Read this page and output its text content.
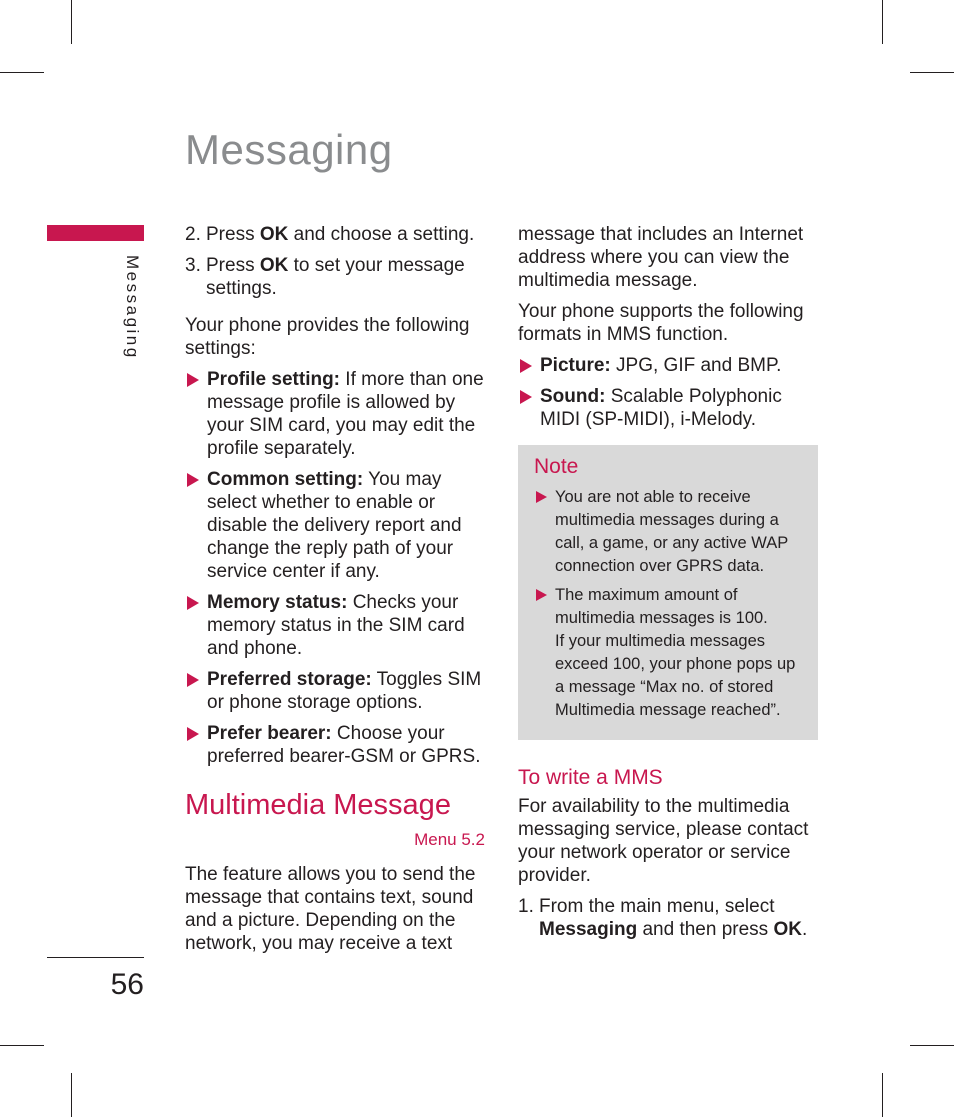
Messaging
Messaging
56
2. Press OK and choose a setting.
3. Press OK to set your message settings.

Your phone provides the following settings:

Profile setting: If more than one message profile is allowed by your SIM card, you may edit the profile separately.
Common setting: You may select whether to enable or disable the delivery report and change the reply path of your service center if any.
Memory status: Checks your memory status in the SIM card and phone.
Preferred storage: Toggles SIM or phone storage options.
Prefer bearer: Choose your preferred bearer-GSM or GPRS.
Multimedia Message
Menu 5.2

The feature allows you to send the message that contains text, sound and a picture. Depending on the network, you may receive a text

message that includes an Internet address where you can view the multimedia message.

Your phone supports the following formats in MMS function.

Picture: JPG, GIF and BMP.
Sound: Scalable Polyphonic MIDI (SP-MIDI), i-Melody.
Note
You are not able to receive multimedia messages during a call, a game, or any active WAP connection over GPRS data.
The maximum amount of multimedia messages is 100.
If your multimedia messages exceed 100, your phone pops up a message “Max no. of stored Multimedia message reached”.
To write a MMS

For availability to the multimedia messaging service, please contact your network operator or service provider.

1. From the main menu, select Messaging and then press OK.
